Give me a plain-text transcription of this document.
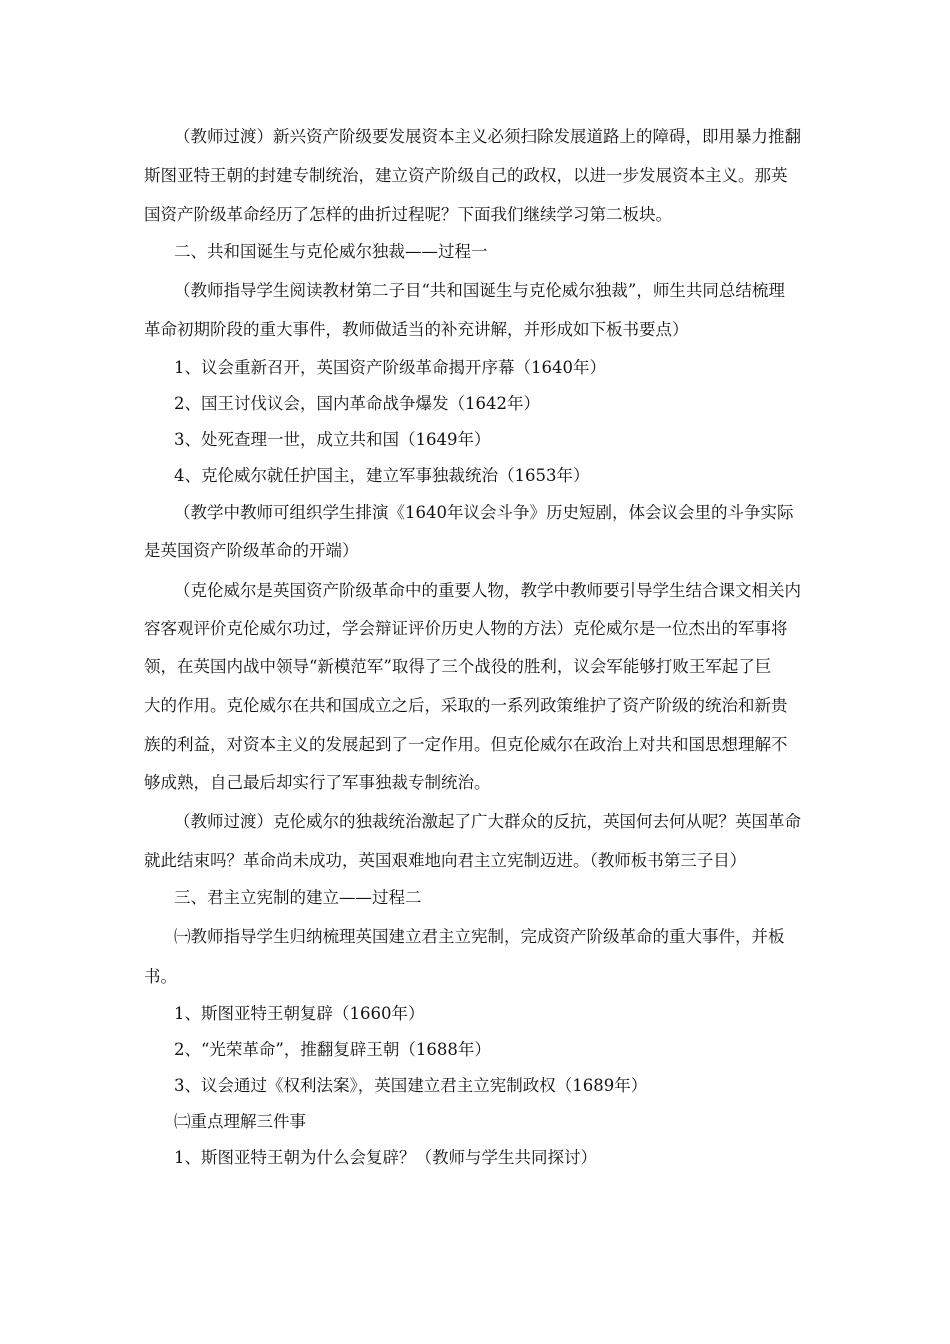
（教师过渡）新兴资产阶级要发展资本主义必须扫除发展道路上的障碍，即用暴力推翻
斯图亚特王朝的封建专制统治，建立资产阶级自己的政权，以进一步发展资本主义。那英
国资产阶级革命经历了怎样的曲折过程呢？下面我们继续学习第二板块。
二、共和国诞生与克伦威尔独裁——过程一
（教师指导学生阅读教材第二子目“共和国诞生与克伦威尔独裁”，师生共同总结梳理
革命初期阶段的重大事件，教师做适当的补充讲解，并形成如下板书要点）
1、议会重新召开，英国资产阶级革命揭开序幕（1640年）
2、国王讨伐议会，国内革命战争爆发（1642年）
3、处死查理一世，成立共和国（1649年）
4、克伦威尔就任护国主，建立军事独裁统治（1653年）
（教学中教师可组织学生排演《1640年议会斗争》历史短剧，体会议会里的斗争实际
是英国资产阶级革命的开端）
（克伦威尔是英国资产阶级革命中的重要人物，教学中教师要引导学生结合课文相关内
容客观评价克伦威尔功过，学会辩证评价历史人物的方法）克伦威尔是一位杰出的军事将
领，在英国内战中领导“新模范军”取得了三个战役的胜利，议会军能够打败王军起了巨
大的作用。克伦威尔在共和国成立之后，采取的一系列政策维护了资产阶级的统治和新贵
族的利益，对资本主义的发展起到了一定作用。但克伦威尔在政治上对共和国思想理解不
够成熟，自己最后却实行了军事独裁专制统治。
（教师过渡）克伦威尔的独裁统治激起了广大群众的反抗，英国何去何从呢？英国革命
就此结束吗？革命尚未成功，英国艰难地向君主立宪制迈进。（教师板书第三子目）
三、君主立宪制的建立——过程二
㈠教师指导学生归纳梳理英国建立君主立宪制，完成资产阶级革命的重大事件，并板
书。
1、斯图亚特王朝复辟（1660年）
2、“光荣革命”，推翻复辟王朝（1688年）
3、议会通过《权利法案》，英国建立君主立宪制政权（1689年）
㈡重点理解三件事
1、斯图亚特王朝为什么会复辟？（教师与学生共同探讨）
